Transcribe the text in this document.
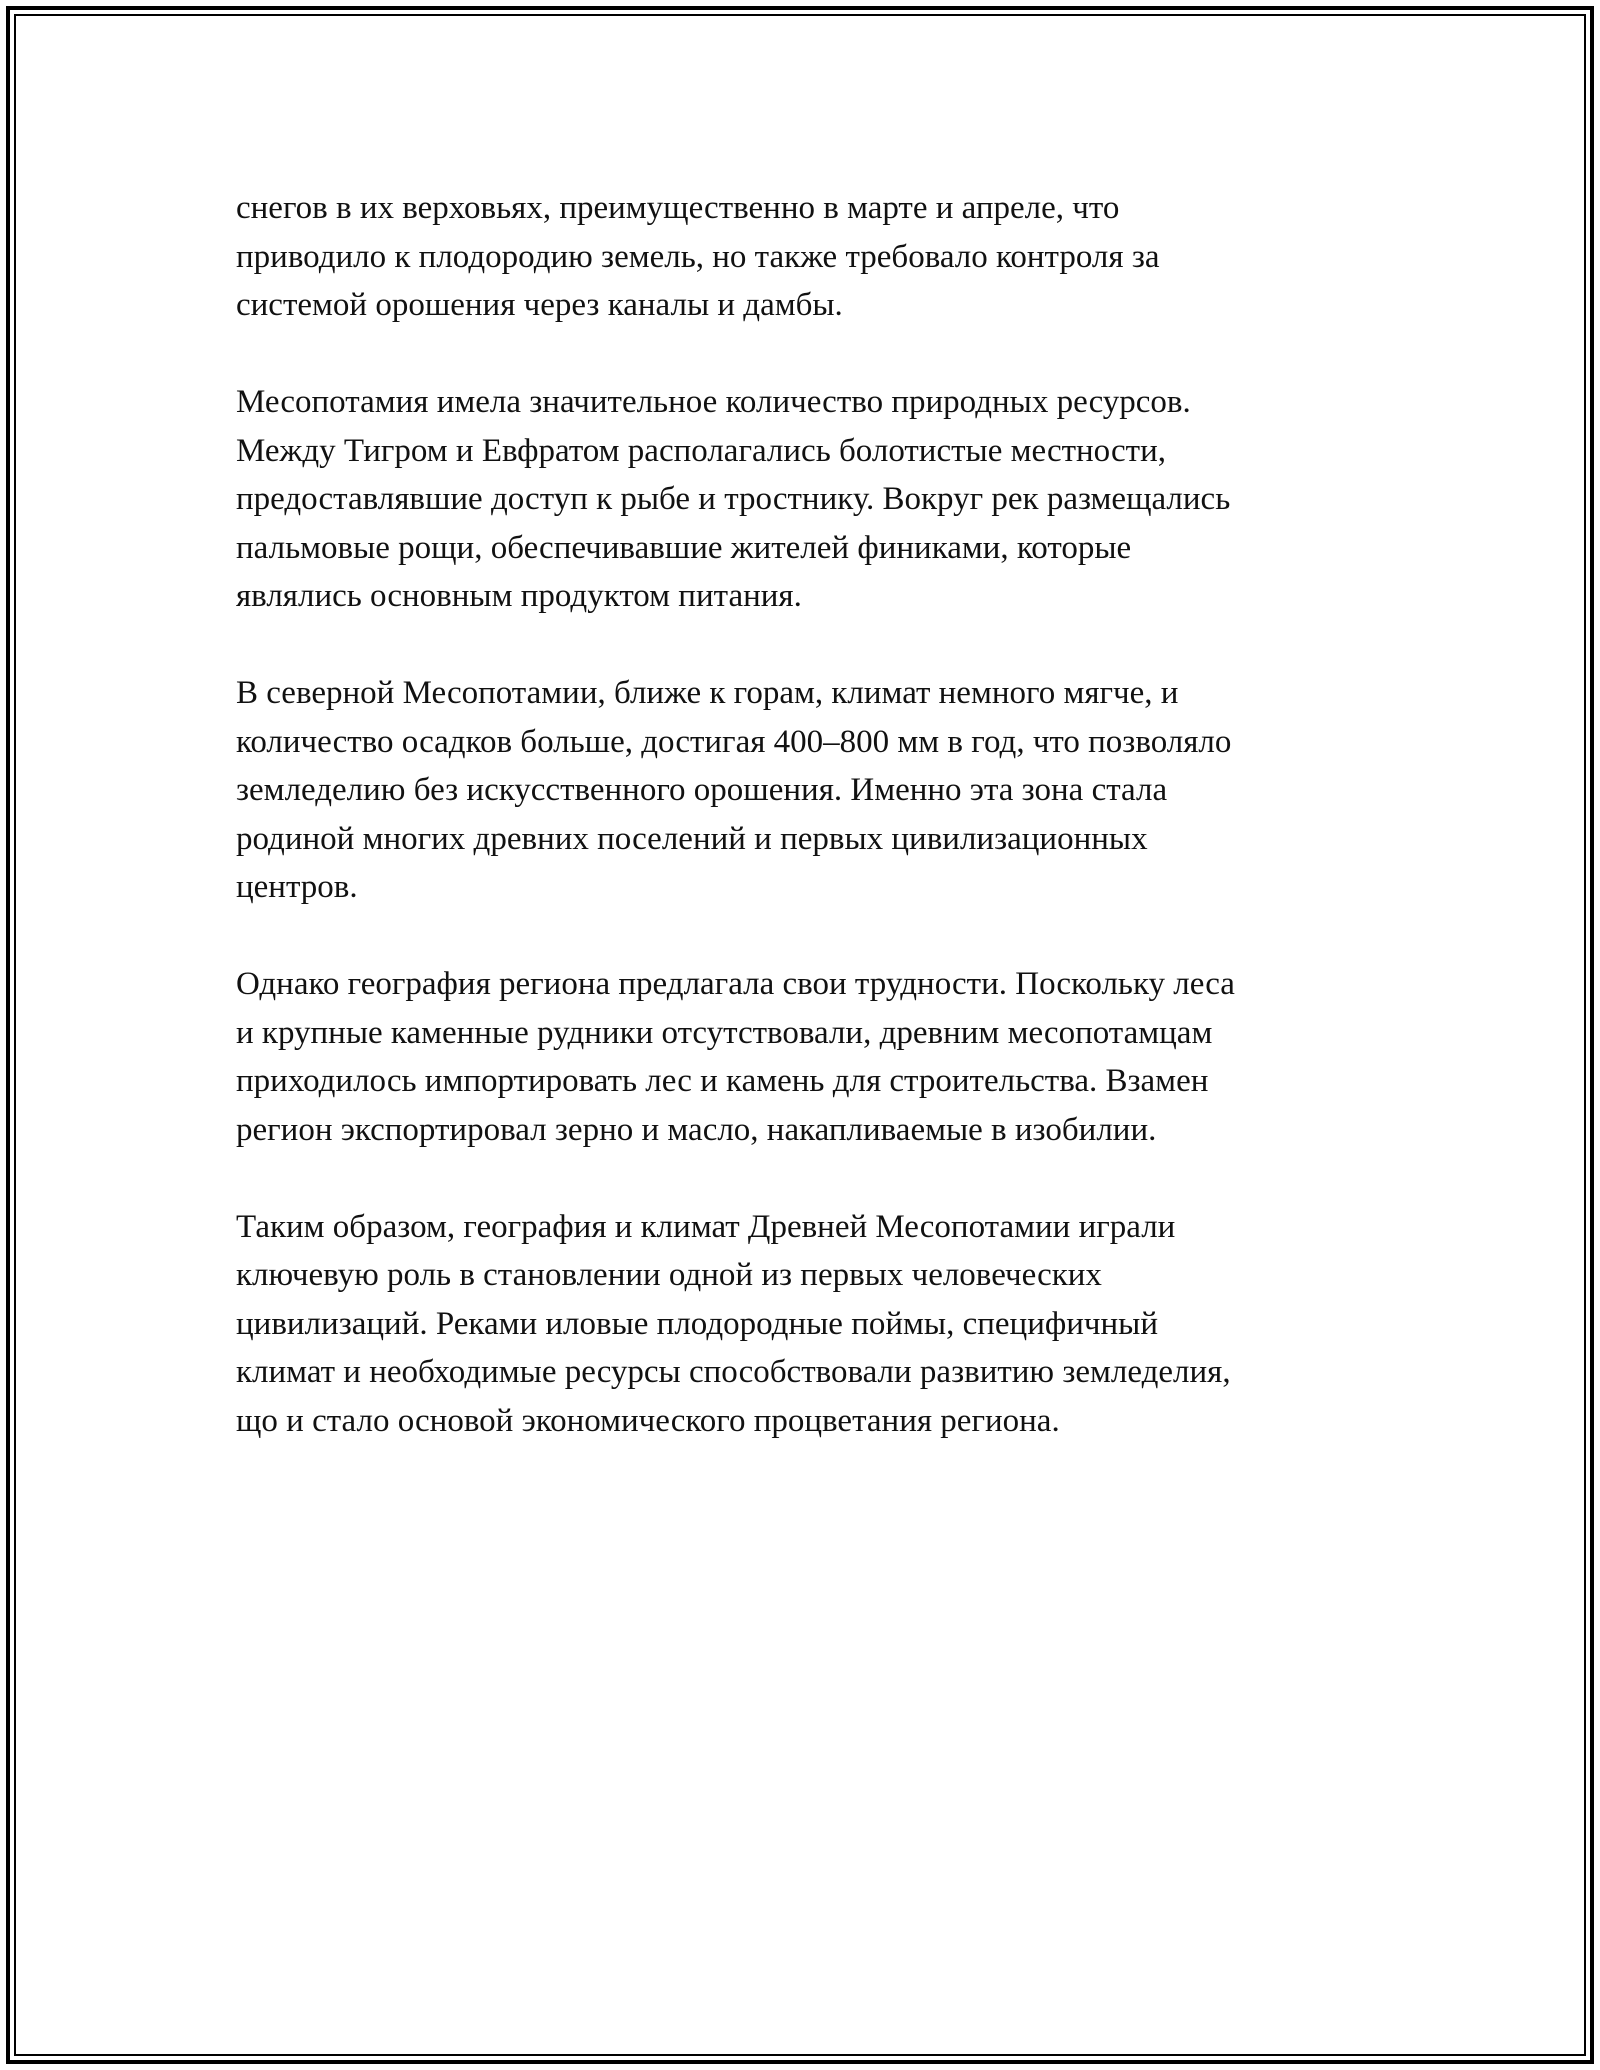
снегов в их верховьях, преимущественно в марте и апреле, что
приводило к плодородию земель, но также требовало контроля за
системой орошения через каналы и дамбы.

Месопотамия имела значительное количество природных ресурсов.
Между Тигром и Евфратом располагались болотистые местности,
предоставлявшие доступ к рыбе и тростнику. Вокруг рек размещались
пальмовые рощи, обеспечивавшие жителей финиками, которые
являлись основным продуктом питания.

В северной Месопотамии, ближе к горам, климат немного мягче, и
количество осадков больше, достигая 400–800 мм в год, что позволяло
земледелию без искусственного орошения. Именно эта зона стала
родиной многих древних поселений и первых цивилизационных
центров.

Однако география региона предлагала свои трудности. Поскольку леса
и крупные каменные рудники отсутствовали, древним месопотамцам
приходилось импортировать лес и камень для строительства. Взамен
регион экспортировал зерно и масло, накапливаемые в изобилии.

Таким образом, география и климат Древней Месопотамии играли
ключевую роль в становлении одной из первых человеческих
цивилизаций. Реками иловые плодородные поймы, специфичный
климат и необходимые ресурсы способствовали развитию земледелия,
що и стало основой экономического процветания региона.
